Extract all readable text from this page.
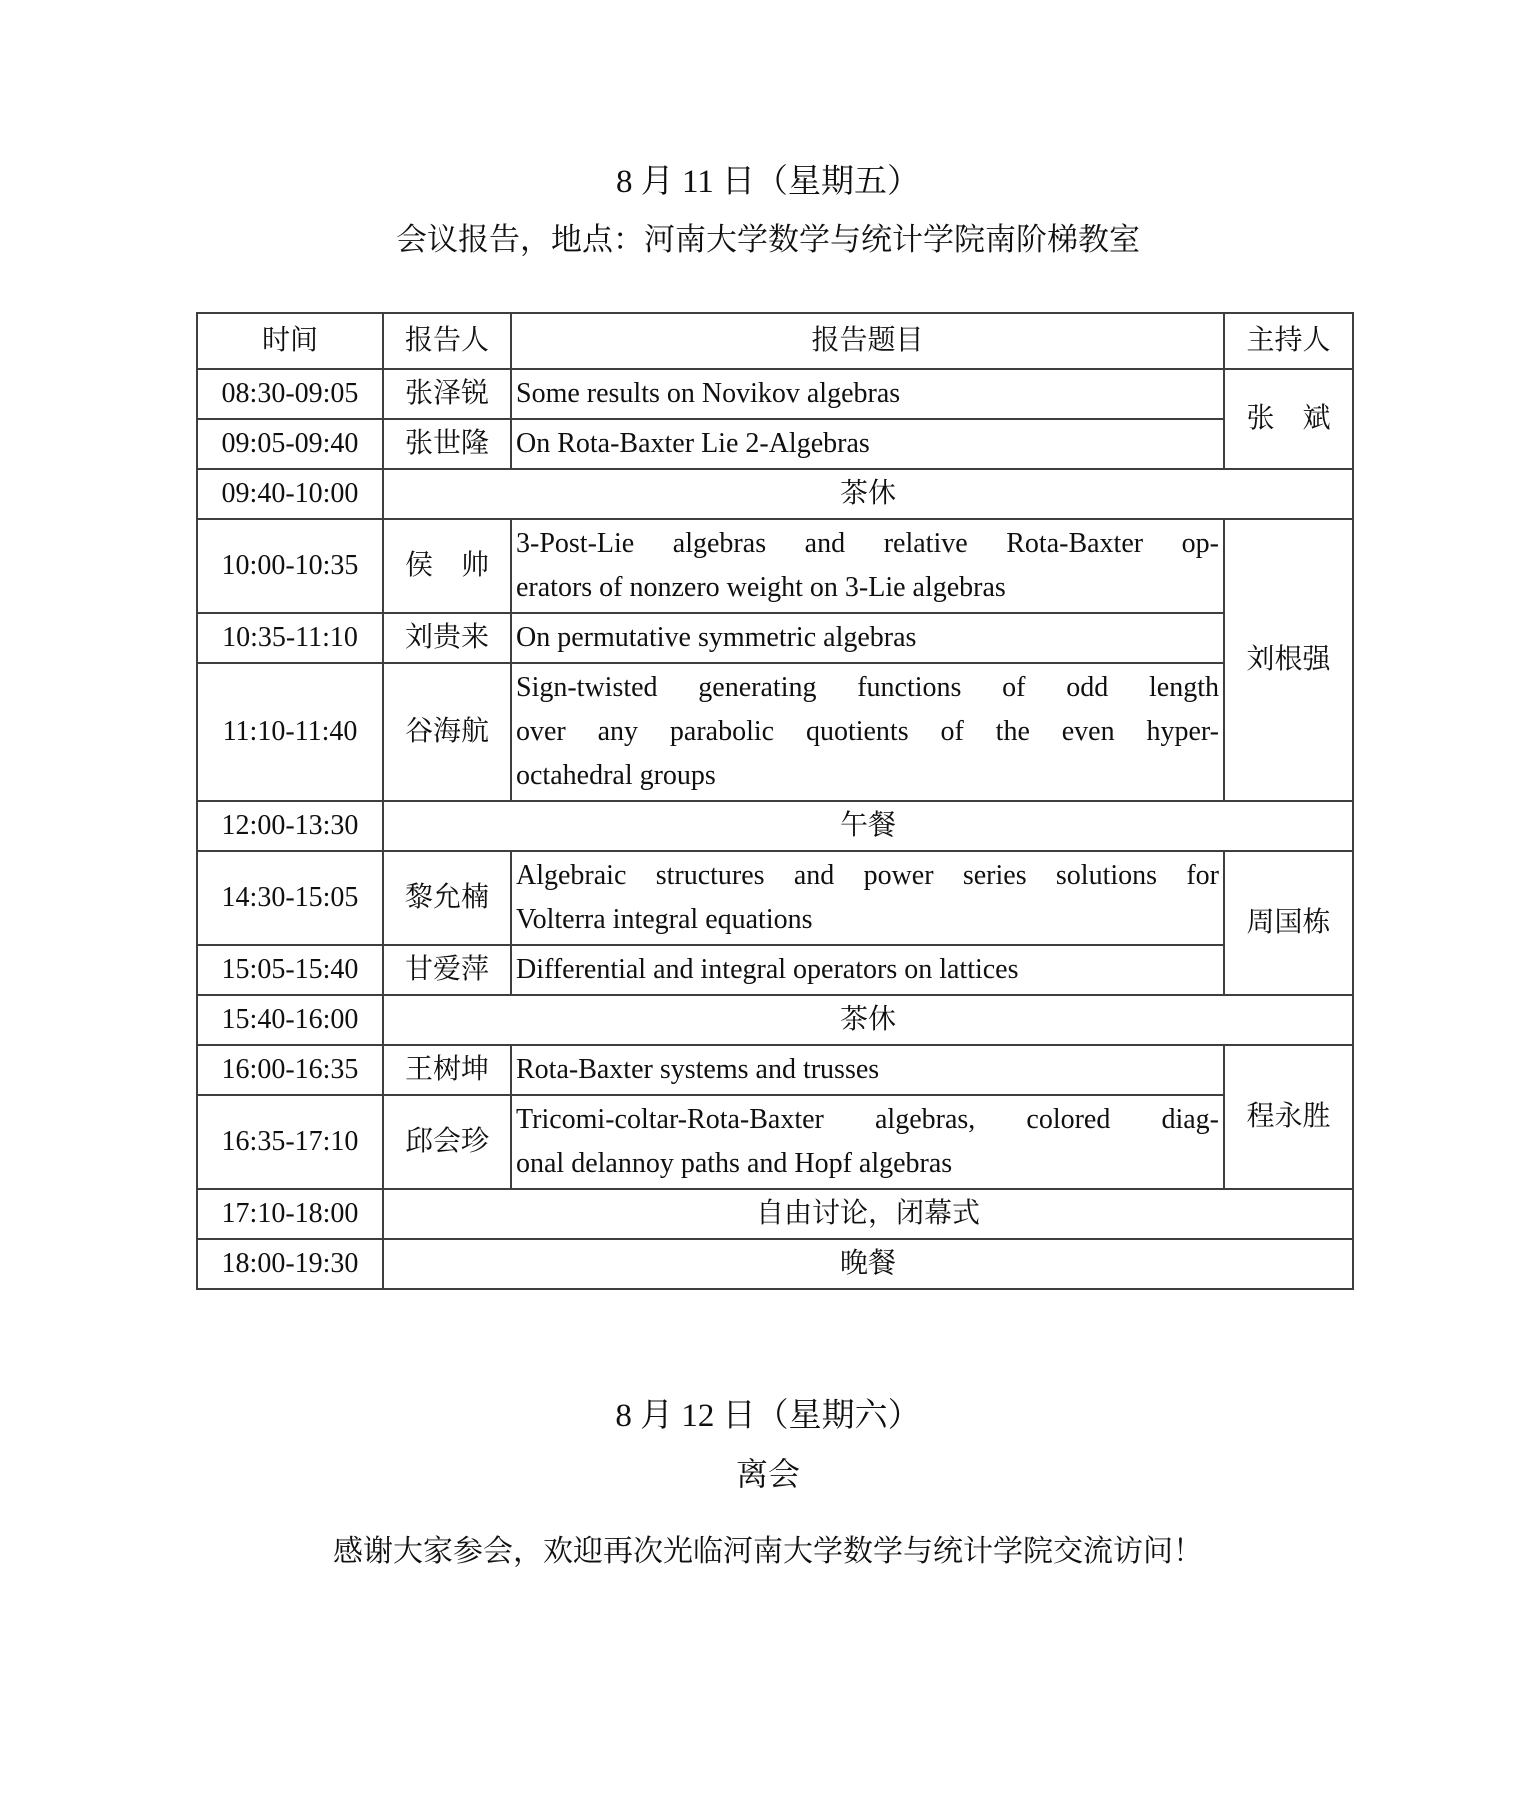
8 月 11 日（星期五）
会议报告，地点：河南大学数学与统计学院南阶梯教室
时间	报告人	报告题目	主持人
08:30-09:05	张泽锐	Some results on Novikov algebras	张　斌
09:05-09:40	张世隆	On Rota-Baxter Lie 2-Algebras	

09:40-10:00	茶休		
10:00-10:35	侯　帅	3-Post-Lie algebras and relative Rota-Baxter op-
erators of nonzero weight on 3-Lie algebras	刘根强
10:35-11:10	刘贵来	On permutative symmetric algebras	

11:10-11:40	谷海航	Sign-twisted generating functions of odd length
over any parabolic quotients of the even hyper-
octahedral groups	

12:00-13:30	午餐		
14:30-15:05	黎允楠	Algebraic structures and power series solutions for
Volterra integral equations	周国栋
15:05-15:40	甘爱萍	Differential and integral operators on lattices	

15:40-16:00	茶休		
16:00-16:35	王树坤	Rota-Baxter systems and trusses	程永胜
16:35-17:10	邱会珍	Tricomi-coltar-Rota-Baxter algebras, colored diag-
onal delannoy paths and Hopf algebras	

17:10-18:00	自由讨论，闭幕式		
18:00-19:30	晚餐		
8 月 12 日（星期六）
离会
感谢大家参会，欢迎再次光临河南大学数学与统计学院交流访问！
